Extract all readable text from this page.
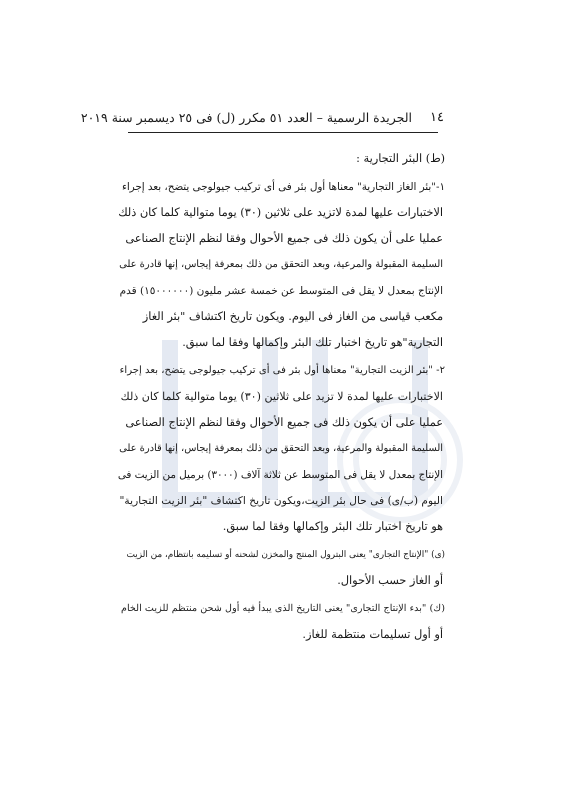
١٤
الجريدة الرسمية – العدد ٥١ مكرر (ل) فى ٢٥ ديسمبر سنة ٢٠١٩
(ط) البئر التجارية :
١-"بئر الغاز التجارية" معناها أول بئر فى أى تركيب جيولوجى يتضح، بعد إجراء
الاختبارات عليها لمدة لاتزيد على ثلاثين (٣٠) يوما متوالية كلما كان ذلك
عمليا على أن يكون ذلك فى جميع الأحوال وفقا لنظم الإنتاج الصناعى
السليمة المقبولة والمرعية، وبعد التحقق من ذلك بمعرفة إيجاس، إنها قادرة على
الإنتاج بمعدل لا يقل فى المتوسط عن خمسة عشر مليون (١٥٠٠٠٠٠٠) قدم
مكعب قياسى من الغاز فى اليوم. ويكون تاريخ اكتشاف "بئر الغاز
التجارية"هو تاريخ اختبار تلك البئر وإكمالها وفقا لما سبق.
٢- "بئر الزيت التجارية" معناها أول بئر فى أى تركيب جيولوجى يتضح، بعد إجراء
الاختبارات عليها لمدة لا تزيد على ثلاثين (٣٠) يوما متوالية كلما كان ذلك
عمليا على أن يكون ذلك فى جميع الأحوال وفقا لنظم الإنتاج الصناعى
السليمة المقبولة والمرعية، وبعد التحقق من ذلك بمعرفة إيجاس، إنها قادرة على
الإنتاج بمعدل لا يقل فى المتوسط عن ثلاثة آلاف (٣٠٠٠) برميل من الزيت فى
اليوم (ب/ى) فى حال بئر الزيت،ويكون تاريخ اكتشاف "بئر الزيت التجارية"
هو تاريخ اختبار تلك البئر وإكمالها وفقا لما سبق.
(ى) "الإنتاج التجارى" يعنى البترول المنتج والمخزن لشحنه أو تسليمه بانتظام، من الزيت
أو الغاز حسب الأحوال.
(ك) "بدء الإنتاج التجارى" يعنى التاريخ الذى يبدأ فيه أول شحن منتظم للزيت الخام
أو أول تسليمات منتظمة للغاز.
